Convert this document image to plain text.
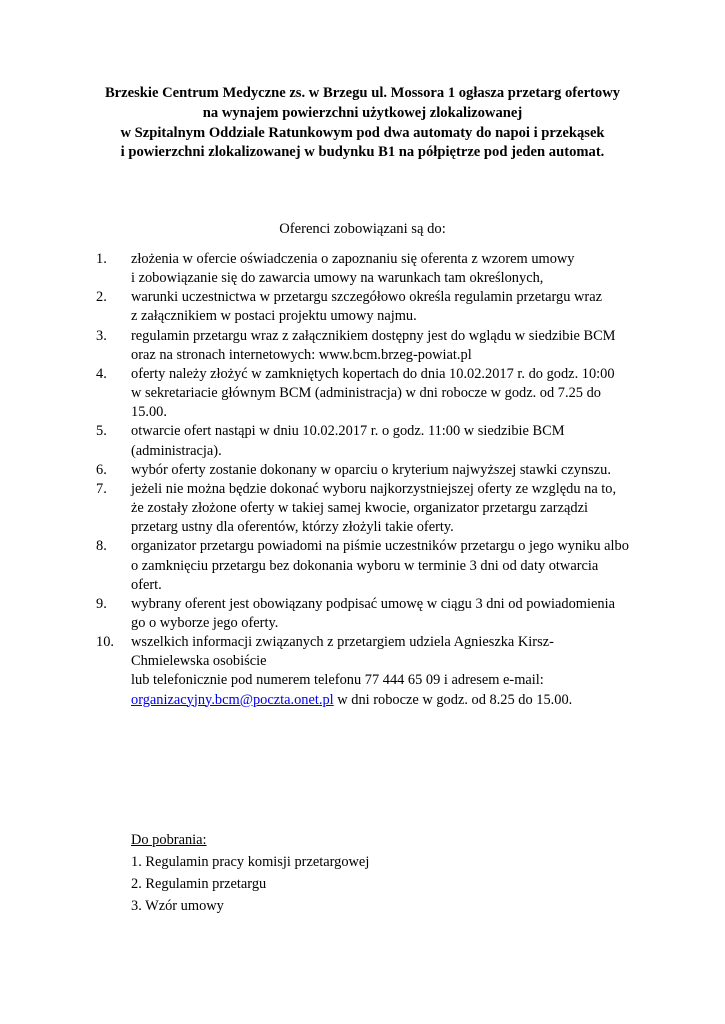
Brzeskie Centrum Medyczne zs. w Brzegu ul. Mossora 1 ogłasza przetarg ofertowy
na wynajem powierzchni użytkowej zlokalizowanej
w Szpitalnym Oddziale Ratunkowym pod dwa automaty do napoi i przekąsek
i powierzchni zlokalizowanej w budynku B1 na półpiętrze pod jeden automat.
Oferenci zobowiązani są do:
1.	złożenia w ofercie oświadczenia o zapoznaniu się oferenta z wzorem umowy
i zobowiązanie się do zawarcia umowy na warunkach tam określonych,
2.	warunki uczestnictwa w przetargu szczegółowo określa regulamin przetargu wraz
z załącznikiem w postaci projektu umowy najmu.
3.	regulamin przetargu wraz z załącznikiem dostępny jest do wglądu w siedzibie BCM
oraz na stronach internetowych: www.bcm.brzeg-powiat.pl
4.	oferty należy złożyć w zamkniętych kopertach do dnia 10.02.2017 r. do godz. 10:00
w sekretariacie głównym BCM (administracja) w dni robocze w godz. od 7.25 do
15.00.
5.	otwarcie ofert nastąpi w dniu 10.02.2017 r. o godz. 11:00 w siedzibie BCM
(administracja).
6.	wybór oferty zostanie dokonany w oparciu o kryterium najwyższej stawki czynszu.
7.	jeżeli nie można będzie dokonać wyboru najkorzystniejszej oferty ze względu na to,
że zostały złożone oferty w takiej samej kwocie, organizator przetargu zarządzi
przetarg ustny dla oferentów, którzy złożyli takie oferty.
8.	organizator przetargu powiadomi na piśmie uczestników przetargu o jego wyniku albo
o zamknięciu przetargu bez dokonania wyboru w terminie 3 dni od daty otwarcia
ofert.
9.	wybrany oferent jest obowiązany podpisać umowę w ciągu 3 dni od powiadomienia
go o wyborze jego oferty.
10.	wszelkich informacji związanych z przetargiem udziela Agnieszka Kirsz-
Chmielewska osobiście
lub telefonicznie pod numerem telefonu 77 444 65 09 i adresem e-mail:
organizacyjny.bcm@poczta.onet.pl w dni robocze w godz. od 8.25 do 15.00.
Do pobrania:
1. Regulamin pracy komisji przetargowej
2. Regulamin przetargu
3. Wzór umowy
